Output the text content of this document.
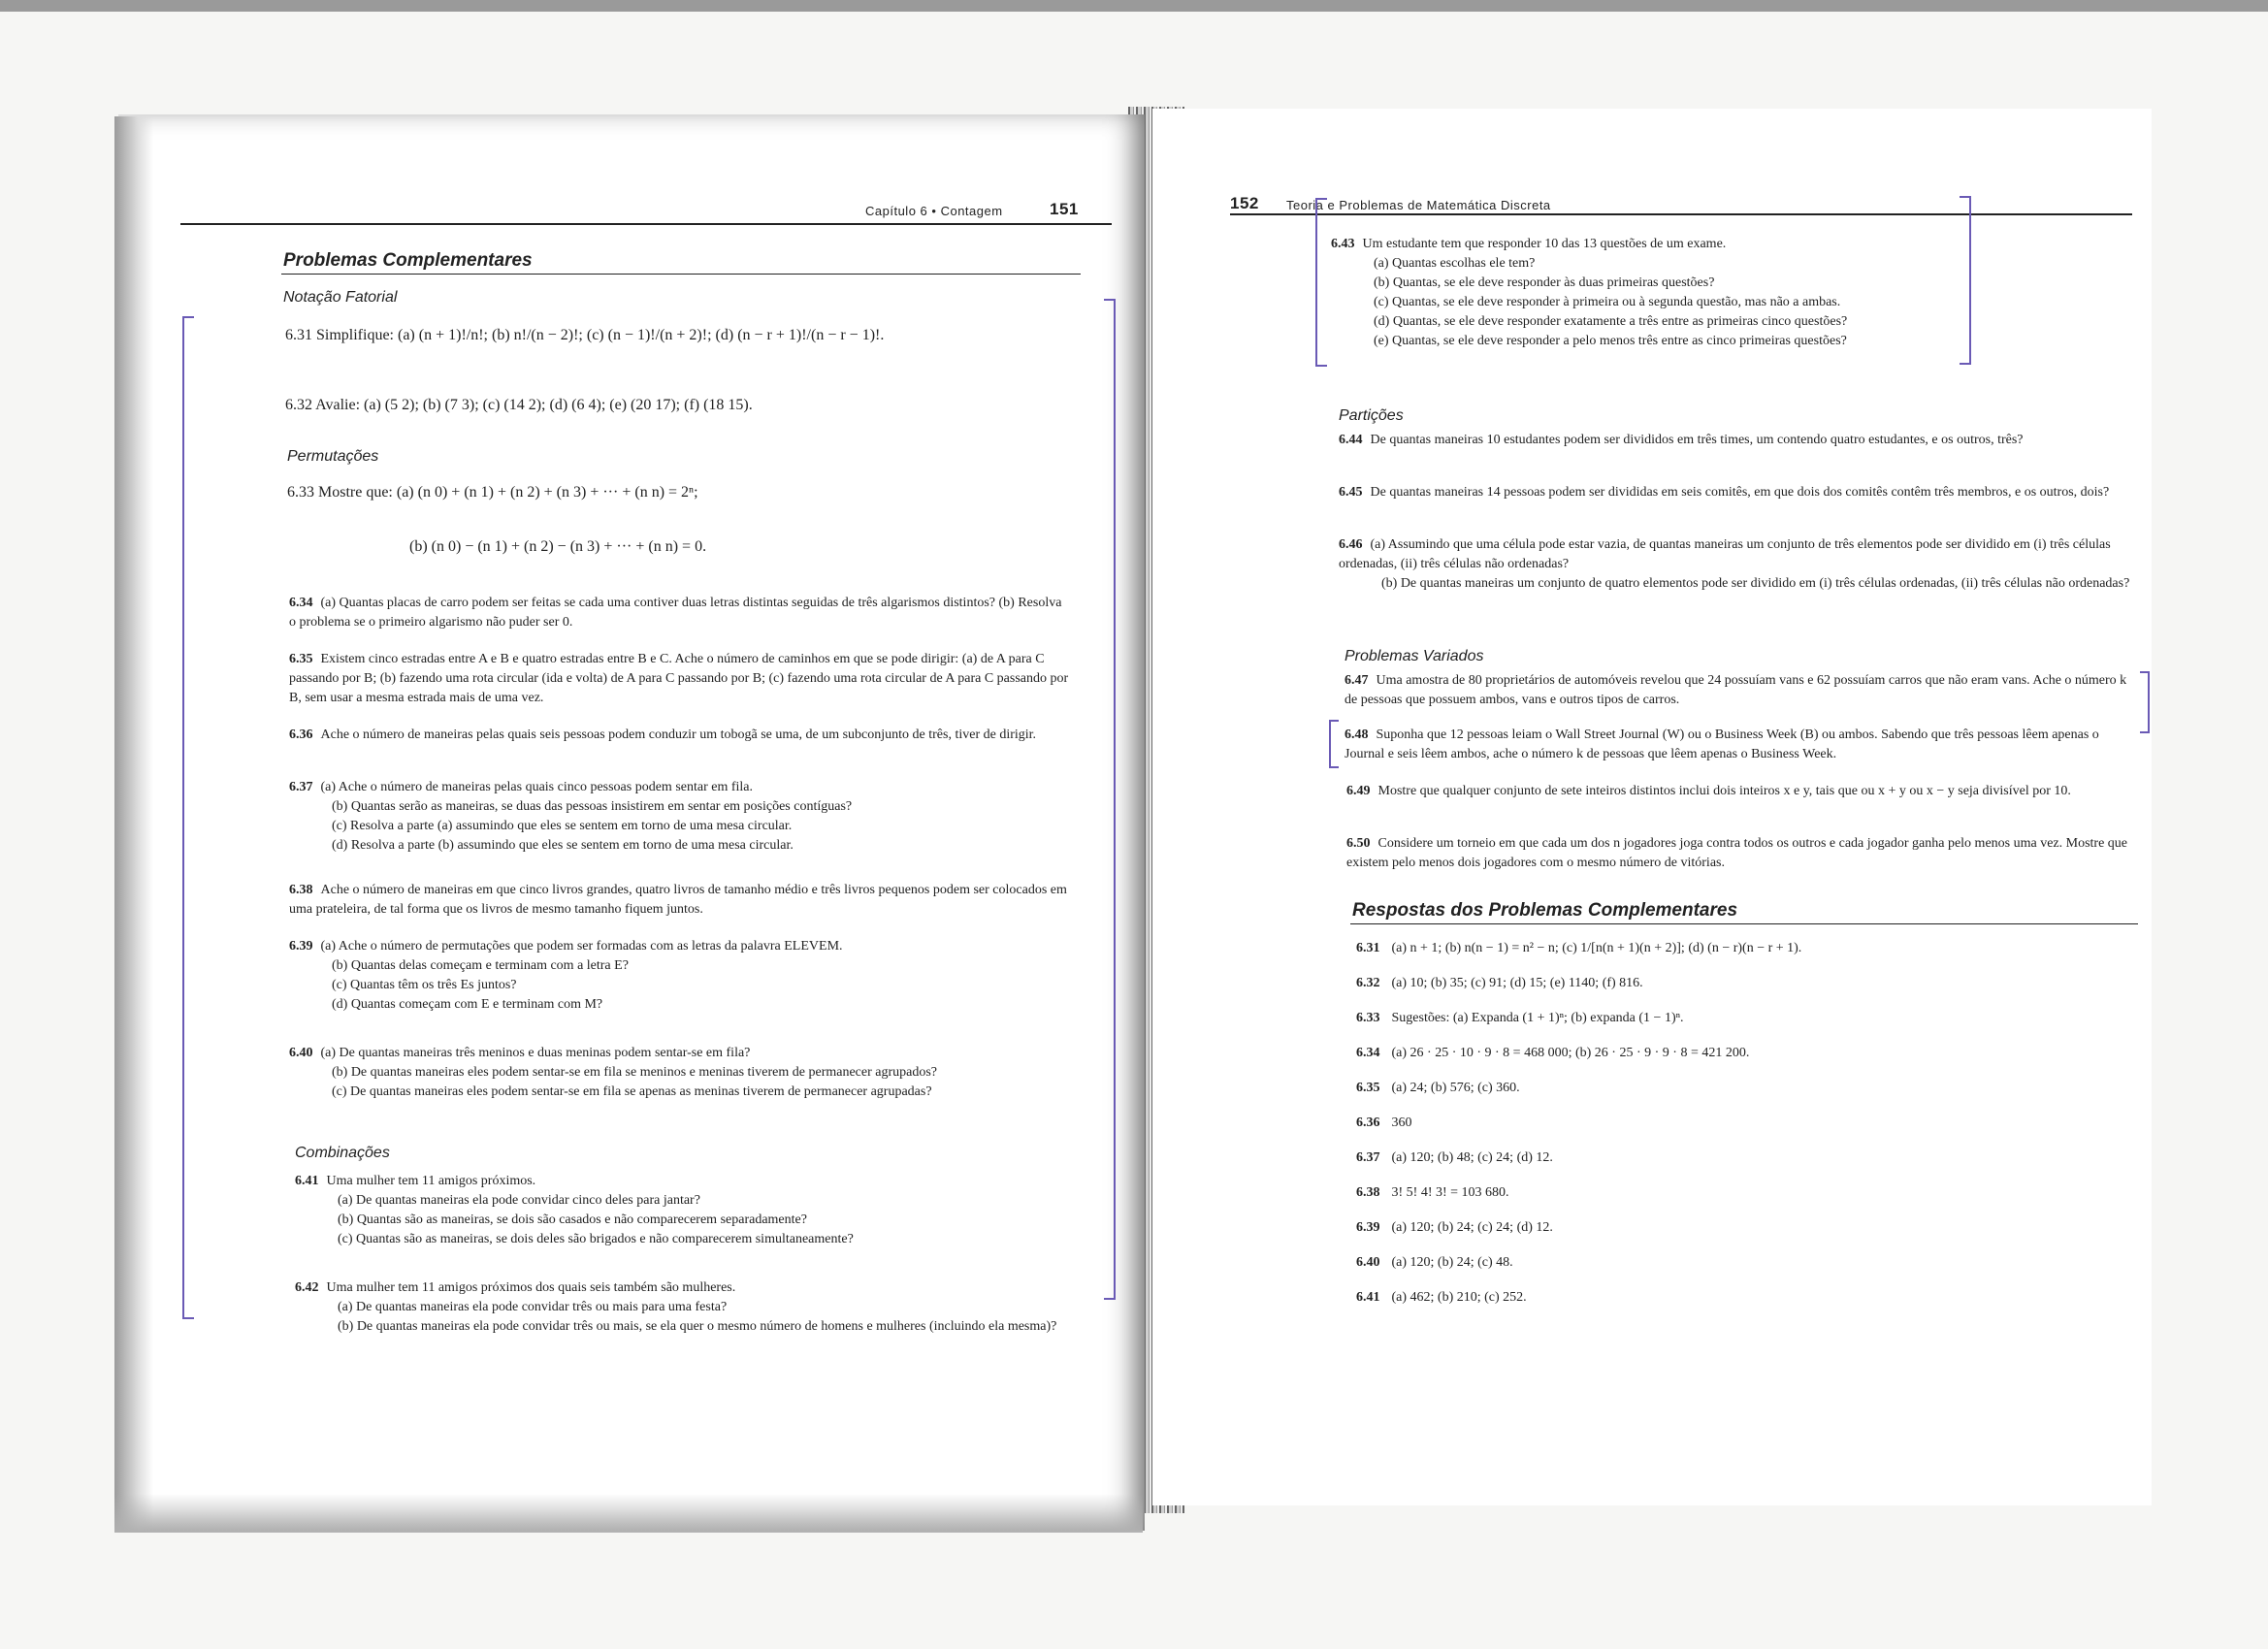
Capítulo 6 • Contagem	151
Problemas Complementares
Notação Fatorial
6.31 Simplifique: (a) (n + 1)!/n!; (b) n!/(n − 2)!; (c) (n − 1)!/(n + 2)!; (d) (n − r + 1)!/(n − r − 1)!.
6.32 Avalie: (a) (5 2); (b) (7 3); (c) (14 2); (d) (6 4); (e) (20 17); (f) (18 15).
Permutações
6.33 Mostre que: (a) (n 0) + (n 1) + (n 2) + (n 3) + ··· + (n n) = 2ⁿ;
(b) (n 0) − (n 1) + (n 2) − (n 3) + ··· + (n n) = 0.
6.34 (a) Quantas placas de carro podem ser feitas se cada uma contiver duas letras distintas seguidas de três algarismos distintos? (b) Resolva o problema se o primeiro algarismo não puder ser 0.
6.35 Existem cinco estradas entre A e B e quatro estradas entre B e C. Ache o número de caminhos em que se pode dirigir: (a) de A para C passando por B; (b) fazendo uma rota circular (ida e volta) de A para C passando por B; (c) fazendo uma rota circular de A para C passando por B, sem usar a mesma estrada mais de uma vez.
6.36 Ache o número de maneiras pelas quais seis pessoas podem conduzir um tobogã se uma, de um subconjunto de três, tiver de dirigir.
6.37 (a) Ache o número de maneiras pelas quais cinco pessoas podem sentar em fila.
(b) Quantas serão as maneiras, se duas das pessoas insistirem em sentar em posições contíguas?
(c) Resolva a parte (a) assumindo que eles se sentem em torno de uma mesa circular.
(d) Resolva a parte (b) assumindo que eles se sentem em torno de uma mesa circular.
6.38 Ache o número de maneiras em que cinco livros grandes, quatro livros de tamanho médio e três livros pequenos podem ser colocados em uma prateleira, de tal forma que os livros de mesmo tamanho fiquem juntos.
6.39 (a) Ache o número de permutações que podem ser formadas com as letras da palavra ELEVEM.
(b) Quantas delas começam e terminam com a letra E?
(c) Quantas têm os três Es juntos?
(d) Quantas começam com E e terminam com M?
6.40 (a) De quantas maneiras três meninos e duas meninas podem sentar-se em fila?
(b) De quantas maneiras eles podem sentar-se em fila se meninos e meninas tiverem de permanecer agrupados?
(c) De quantas maneiras eles podem sentar-se em fila se apenas as meninas tiverem de permanecer agrupadas?
Combinações
6.41 Uma mulher tem 11 amigos próximos.
(a) De quantas maneiras ela pode convidar cinco deles para jantar?
(b) Quantas são as maneiras, se dois são casados e não comparecerem separadamente?
(c) Quantas são as maneiras, se dois deles são brigados e não comparecerem simultaneamente?
6.42 Uma mulher tem 11 amigos próximos dos quais seis também são mulheres.
(a) De quantas maneiras ela pode convidar três ou mais para uma festa?
(b) De quantas maneiras ela pode convidar três ou mais, se ela quer o mesmo número de homens e mulheres (incluindo ela mesma)?
152 Teoria e Problemas de Matemática Discreta
6.43 Um estudante tem que responder 10 das 13 questões de um exame.
(a) Quantas escolhas ele tem?
(b) Quantas, se ele deve responder às duas primeiras questões?
(c) Quantas, se ele deve responder à primeira ou à segunda questão, mas não a ambas.
(d) Quantas, se ele deve responder exatamente a três entre as primeiras cinco questões?
(e) Quantas, se ele deve responder a pelo menos três entre as cinco primeiras questões?
Partições
6.44 De quantas maneiras 10 estudantes podem ser divididos em três times, um contendo quatro estudantes, e os outros, três?
6.45 De quantas maneiras 14 pessoas podem ser divididas em seis comitês, em que dois dos comitês contêm três membros, e os outros, dois?
6.46 (a) Assumindo que uma célula pode estar vazia, de quantas maneiras um conjunto de três elementos pode ser dividido em (i) três células ordenadas, (ii) três células não ordenadas?
(b) De quantas maneiras um conjunto de quatro elementos pode ser dividido em (i) três células ordenadas, (ii) três células não ordenadas?
Problemas Variados
6.47 Uma amostra de 80 proprietários de automóveis revelou que 24 possuíam vans e 62 possuíam carros que não eram vans. Ache o número k de pessoas que possuem ambos, vans e outros tipos de carros.
6.48 Suponha que 12 pessoas leiam o Wall Street Journal (W) ou o Business Week (B) ou ambos. Sabendo que três pessoas lêem apenas o Journal e seis lêem ambos, ache o número k de pessoas que lêem apenas o Business Week.
6.49 Mostre que qualquer conjunto de sete inteiros distintos inclui dois inteiros x e y, tais que ou x + y ou x − y seja divisível por 10.
6.50 Considere um torneio em que cada um dos n jogadores joga contra todos os outros e cada jogador ganha pelo menos uma vez. Mostre que existem pelo menos dois jogadores com o mesmo número de vitórias.
Respostas dos Problemas Complementares
6.31 (a) n + 1; (b) n(n − 1) = n² − n; (c) 1/[n(n + 1)(n + 2)]; (d) (n − r)(n − r + 1).
6.32 (a) 10; (b) 35; (c) 91; (d) 15; (e) 1140; (f) 816.
6.33 Sugestões: (a) Expanda (1 + 1)ⁿ; (b) expanda (1 − 1)ⁿ.
6.34 (a) 26 · 25 · 10 · 9 · 8 = 468 000; (b) 26 · 25 · 9 · 9 · 8 = 421 200.
6.35 (a) 24; (b) 576; (c) 360.
6.36 360
6.37 (a) 120; (b) 48; (c) 24; (d) 12.
6.38 3! 5! 4! 3! = 103 680.
6.39 (a) 120; (b) 24; (c) 24; (d) 12.
6.40 (a) 120; (b) 24; (c) 48.
6.41 (a) 462; (b) 210; (c) 252.
